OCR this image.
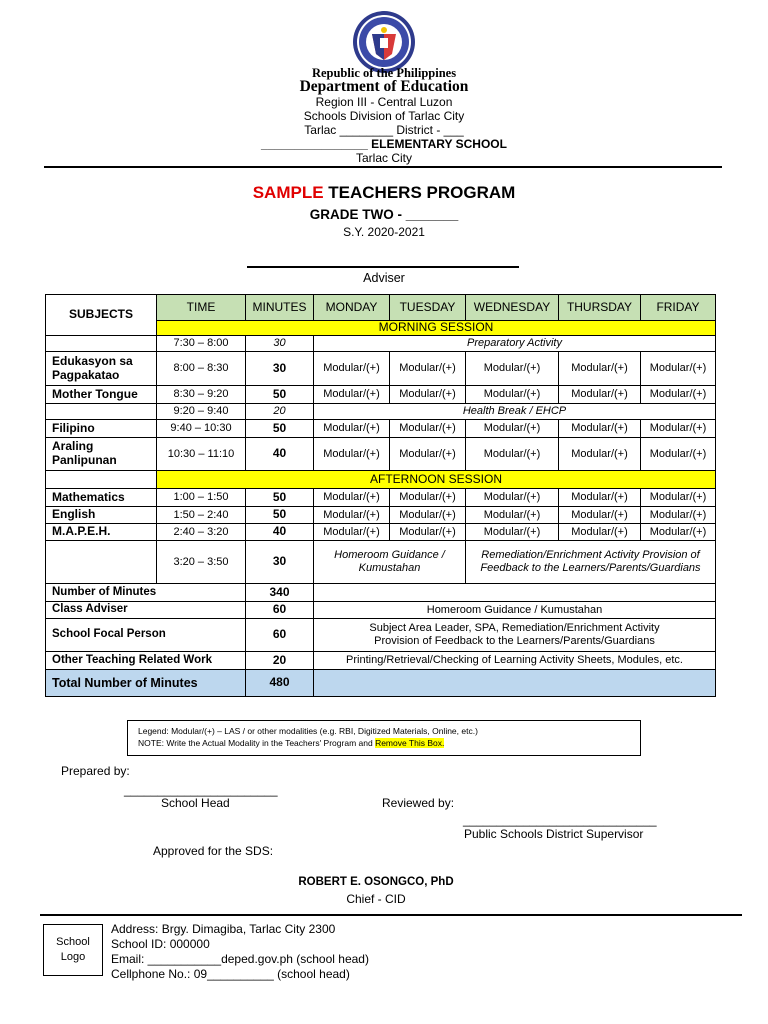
Republic of the Philippines
Department of Education
Region III - Central Luzon
Schools Division of Tarlac City
Tarlac ________ District - ___
________________ ELEMENTARY SCHOOL
Tarlac City
SAMPLE TEACHERS PROGRAM
GRADE TWO - _______
S.Y. 2020-2021
Adviser
SUBJECTS	TIME	MINUTES	MONDAY	TUESDAY	WEDNESDAY	THURSDAY	FRIDAY
	MORNING SESSION						
	7:30 – 8:00	30	Preparatory Activity				
Edukasyon sa Pagpakatao	8:00 – 8:30	30	Modular/(+)	Modular/(+)	Modular/(+)	Modular/(+)	Modular/(+)
Mother Tongue	8:30 – 9:20	50	Modular/(+)	Modular/(+)	Modular/(+)	Modular/(+)	Modular/(+)
	9:20 – 9:40	20	Health Break / EHCP				
Filipino	9:40 – 10:30	50	Modular/(+)	Modular/(+)	Modular/(+)	Modular/(+)	Modular/(+)
Araling Panlipunan	10:30 – 11:10	40	Modular/(+)	Modular/(+)	Modular/(+)	Modular/(+)	Modular/(+)
	AFTERNOON SESSION						
Mathematics	1:00 – 1:50	50	Modular/(+)	Modular/(+)	Modular/(+)	Modular/(+)	Modular/(+)
English	1:50 – 2:40	50	Modular/(+)	Modular/(+)	Modular/(+)	Modular/(+)	Modular/(+)
M.A.P.E.H.	2:40 – 3:20	40	Modular/(+)	Modular/(+)	Modular/(+)	Modular/(+)	Modular/(+)
	3:20 – 3:50	30	Homeroom Guidance / Kumustahan		Remediation/Enrichment Activity Provision of Feedback to the Learners/Parents/Guardians		
Number of Minutes		340					
Class Adviser		60	Homeroom Guidance / Kumustahan				
School Focal Person		60	Subject Area Leader, SPA, Remediation/Enrichment Activity Provision of Feedback to the Learners/Parents/Guardians				
Other Teaching Related Work		20	Printing/Retrieval/Checking of Learning Activity Sheets, Modules, etc.				
Total Number of Minutes		480					
Legend: Modular/(+) – LAS / or other modalities (e.g. RBI, Digitized Materials, Online, etc.)
NOTE: Write the Actual Modality in the Teachers' Program and Remove This Box.
Prepared by:
_______________________
School Head	Reviewed by:
_____________________________
Public Schools District Supervisor
Approved for the SDS:
ROBERT E. OSONGCO, PhD
Chief - CID
School Logo
Address: Brgy. Dimagiba, Tarlac City 2300
School ID: 000000
Email: ___________deped.gov.ph (school head)
Cellphone No.: 09__________ (school head)
